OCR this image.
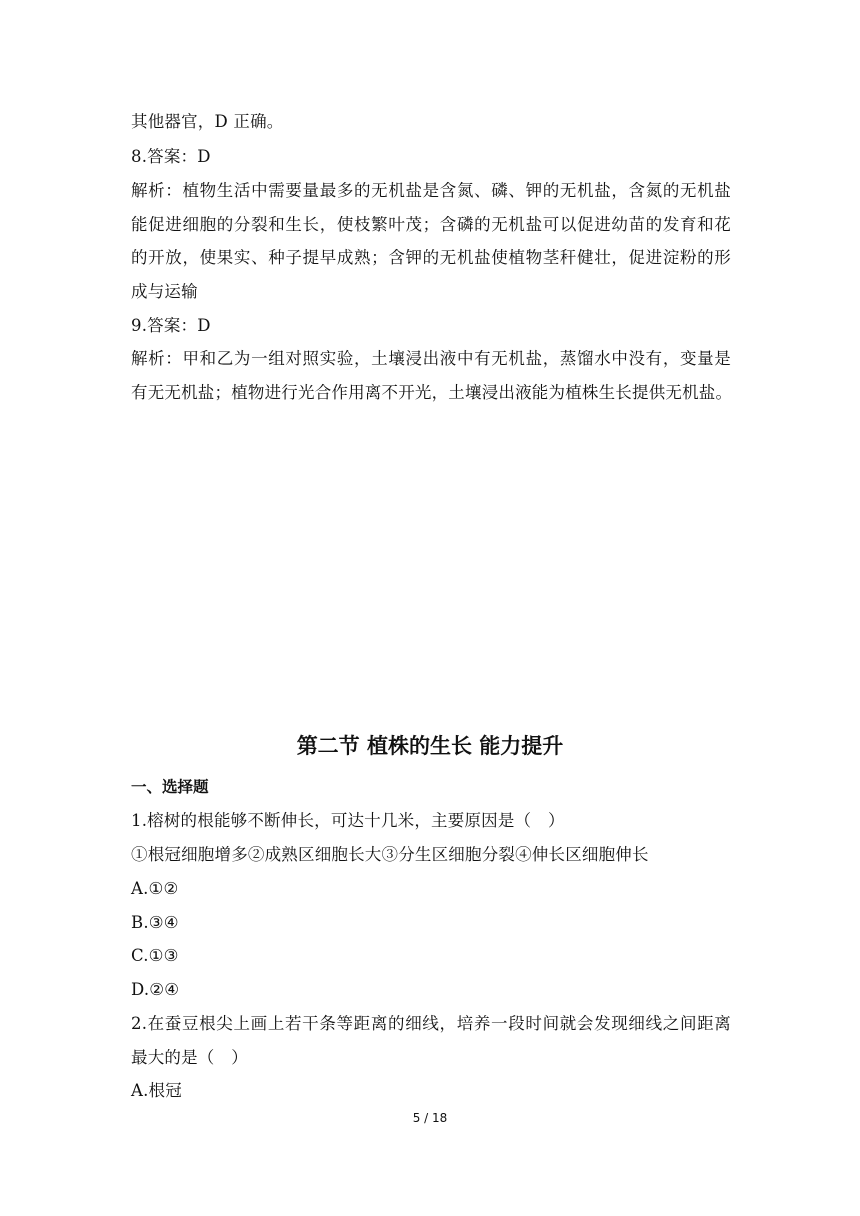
其他器官，D 正确。
8.答案：D
解析：植物生活中需要量最多的无机盐是含氮、磷、钾的无机盐，含氮的无机盐
能促进细胞的分裂和生长，使枝繁叶茂；含磷的无机盐可以促进幼苗的发育和花
的开放，使果实、种子提早成熟；含钾的无机盐使植物茎秆健壮，促进淀粉的形
成与运输
9.答案：D
解析：甲和乙为一组对照实验，土壤浸出液中有无机盐，蒸馏水中没有，变量是
有无无机盐；植物进行光合作用离不开光，土壤浸出液能为植株生长提供无机盐。
第二节 植株的生长 能力提升
一、选择题
1.榕树的根能够不断伸长，可达十几米，主要原因是（　）
①根冠细胞增多②成熟区细胞长大③分生区细胞分裂④伸长区细胞伸长
A.①②
B.③④
C.①③
D.②④
2.在蚕豆根尖上画上若干条等距离的细线，培养一段时间就会发现细线之间距离
最大的是（　）
A.根冠
5 / 18
